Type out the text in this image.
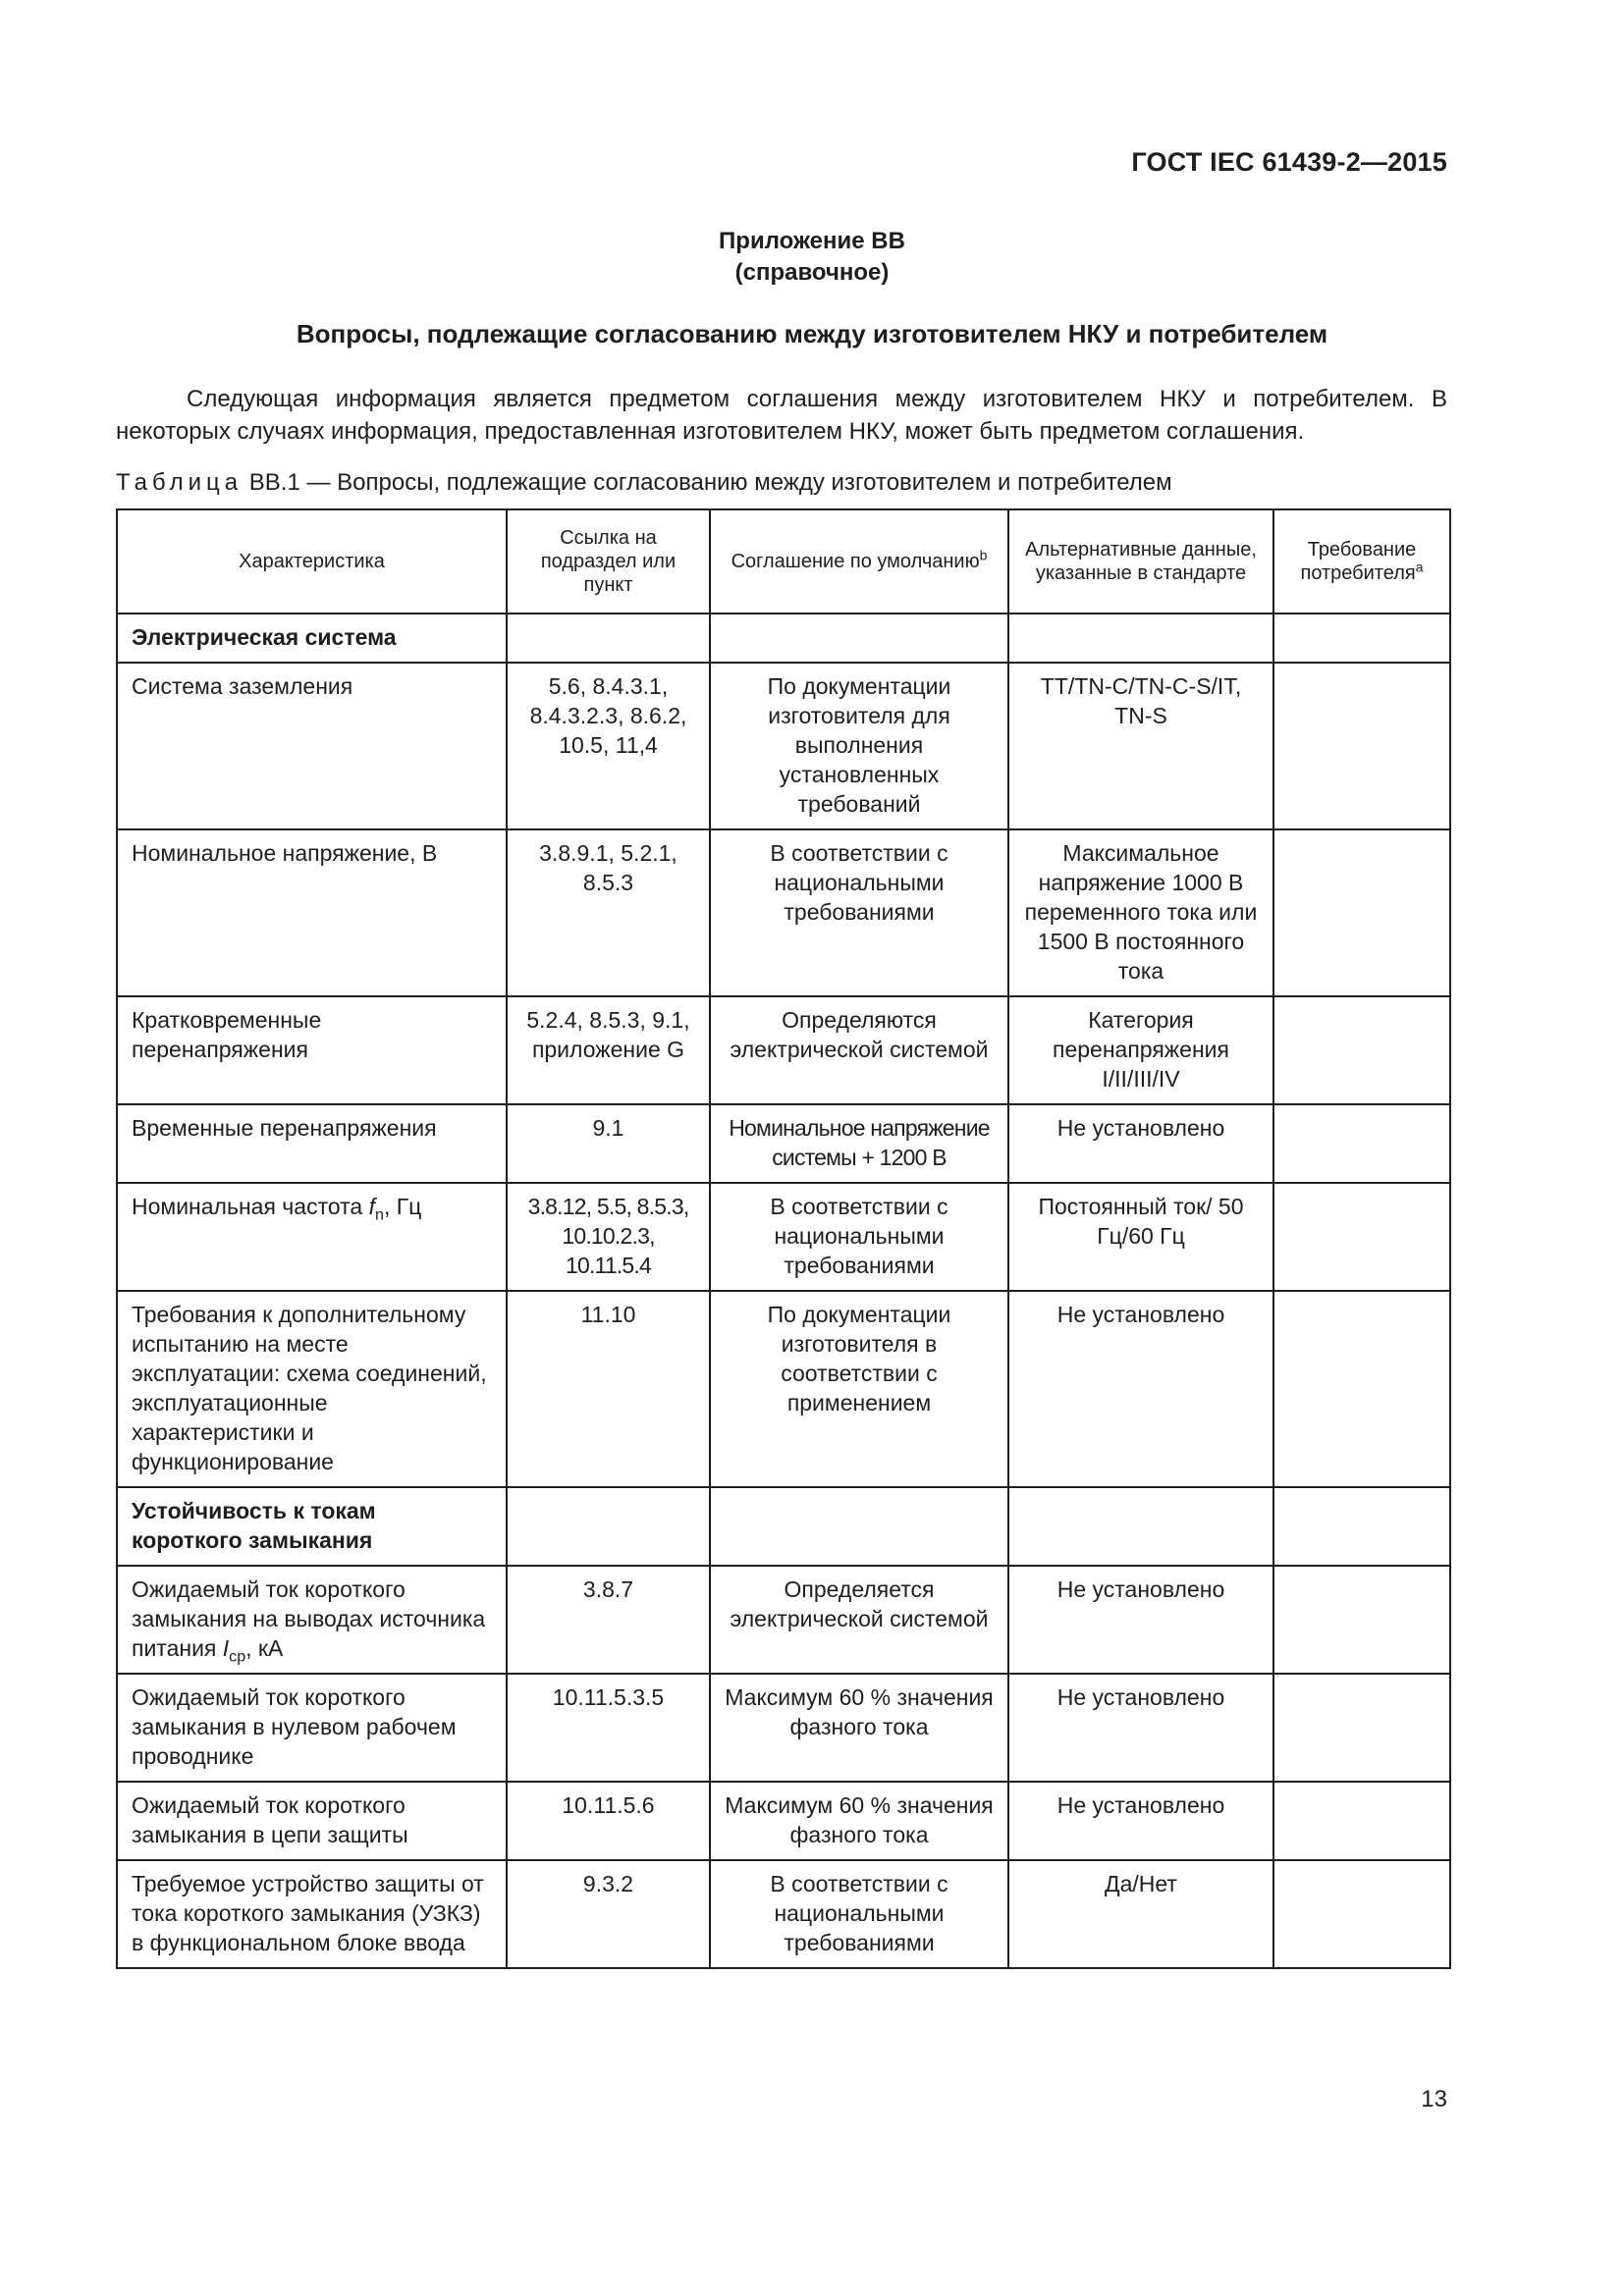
ГОСТ IEC 61439-2—2015
Приложение ВВ
(справочное)
Вопросы, подлежащие согласованию между изготовителем НКУ и потребителем
Следующая информация является предметом соглашения между изготовителем НКУ и потребителем. В некоторых случаях информация, предоставленная изготовителем НКУ, может быть предметом соглашения.
Таблица ВВ.1 — Вопросы, подлежащие согласованию между изготовителем и потребителем
Характеристика	Ссылка на подраздел или пункт	Соглашение по умолчанию$^b$	Альтернативные данные, указанные в стандарте	Требование потребителя$^a$
Электрическая система				
Система заземления	5.6, 8.4.3.1, 8.4.3.2.3, 8.6.2, 10.5, 11,4	По документации изготовителя для выполнения установленных требований	TT/TN-C/TN-C-S/IT, TN-S	
Номинальное напряжение, В	3.8.9.1, 5.2.1, 8.5.3	В соответствии с национальными требованиями	Максимальное напряжение 1000 В переменного тока или 1500 В постоянного тока	
Кратковременные перенапряжения	5.2.4, 8.5.3, 9.1, приложение G	Определяются электрической системой	Категория перенапряжения I/II/III/IV	
Временные перенапряжения	9.1	Номинальное напряжение системы + 1200 В	Не установлено	
Номинальная частота $f_n$, Гц	3.8.12, 5.5, 8.5.3, 10.10.2.3, 10.11.5.4	В соответствии с национальными требованиями	Постоянный ток/ 50 Гц/60 Гц	
Требования к дополнительному испытанию на месте эксплуатации: схема соединений, эксплуатационные характеристики и функционирование	11.10	По документации изготовителя в соответствии с применением	Не установлено	
Устойчивость к токам короткого замыкания				
Ожидаемый ток короткого замыкания на выводах источника питания $I_{cp}$, кА	3.8.7	Определяется электрической системой	Не установлено	
Ожидаемый ток короткого замыкания в нулевом рабочем проводнике	10.11.5.3.5	Максимум 60 % значения фазного тока	Не установлено	
Ожидаемый ток короткого замыкания в цепи защиты	10.11.5.6	Максимум 60 % значения фазного тока	Не установлено	
Требуемое устройство защиты от тока короткого замыкания (УЗКЗ) в функциональном блоке ввода	9.3.2	В соответствии с национальными требованиями	Да/Нет	
13
